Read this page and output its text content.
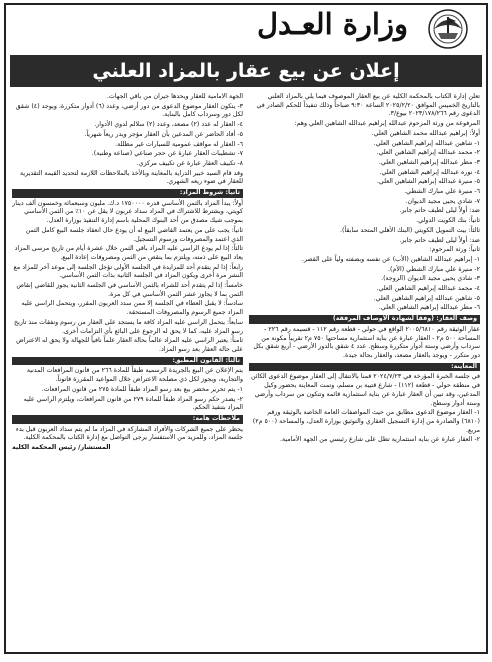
وزارة العـدل
إعلان عن بيع عقار بالمزاد العلني

تعلن إدارة الكتاب بالمحكمة الكلية عن بيع العقار الموصوف فيما يلي بالمزاد العلني بالتاريخ الخميس الموافق ٢٠٢٥/٢/٢٠ الساعة ٩:٣٠ صباحاً وذلك تنفيذاً للحكم الصادر في الدعوى رقم ٢٠٢٣/١٧٨/٢٦٦ بيوع/٣.

المرفوعة من ورثة المرحوم عبدالله إبراهيم عبدالله الشاهين العلي وهم:

أولاً: إبراهيم عبدالله محمد الشاهين العلي.

١- شاهين عبدالله إبراهيم الشاهين العلي.

٢- محمد عبدالله إبراهيم الشاهين العلي.

٣- مطر عبدالله إبراهيم الشاهين العلي.

٤- نوره عبدالله إبراهيم الشاهين العلي.

٥- منيرة عبدالله إبراهيم الشاهين العلي.

٦- منيرة علي مبارك الشطي.

٧- شادي يحيى مجيد الديوان.

ضد: أولاً ليلى لطيف حاتم جابر.

ثانياً: بنك الكويت الدولي.

ثالثاً: بيت التمويل الكويتي (البنك الأهلي المتحد سابقاً).

ضد: أولاً ليلى لطيف حاتم جابر.

ثانياً: ورثة المرحوم:

١- إبراهيم عبدالله الشاهين (الأب) عن نفسه وبصفته ولياً على القصر.

٢- منيرة علي مبارك الشطي (الأم).

٣- شادي يحيى مجيد الديوان (الزوجة).

٤- محمد عبدالله إبراهيم الشاهين العلي.

٥- شاهين عبدالله إبراهيم الشاهين العلي.

٦- مطر عبدالله إبراهيم الشاهين العلي.

وصف العقار: (وفقاً لشهادة الأوصاف المرفقة)

عقار الوثيقة رقم ٢٠٠٥/٦٨١٠ الواقع في حولي - قطعة رقم ١١٢ - قسيمة رقم ٢٢٦ - المساحة ٥٠٠ م٢ - العقار عبارة عن بناية استثمارية مساحتها ٧٥٠ م٢ تقريباً مكونة من سرداب وأرضي وستة أدوار متكررة وسطح. عدد ٤ شقق بالدور الأرضي - أربع شقق بكل دور متكرر - ويوجد بالعقار مصعد، والعقار بحالة جيدة.

المعاينة:

في جلسة الخبرة المؤرخة في ٢٠٢٤/٧/٢٣ قمنا بالانتقال إلى العقار موضوع الدعوى الكائن في منطقة حولي - قطعة (١١٢) - شارع قتيبة بن مسلم، وتمت المعاينة بحضور وكيل المدعين، وقد تبين أن العقار عبارة عن بناية استثمارية قائمة وتتكون من سرداب وأرضي وستة أدوار وسطح.

١- العقار موضوع الدعوى مطابق من حيث المواصفات العامة الخاصة بالوثيقة ورقم (٦٨١٠) والصادرة من إدارة التسجيل العقاري والتوثيق بوزارة العدل، والمساحة (٥٠٠ م٢) مربع.

٢- العقار عبارة عن بناية استثمارية تطل على شارع رئيسي من الجهة الأمامية.

الجهة الأمامية للعقار ويحدها جيران من باقي الجهات.

٣- يتكون العقار موضوع الدعوى من دور أرضي، وعدد (٦) أدوار متكررة، ويوجد (٤) شقق لكل دور وسرداب كامل بالبناية.

٤- العقار له عدد (٢) مصعد، وعدد (٢) سلالم لدوي الأدوار.

٥- أفاد الحاضر عن المدعين بأن العقار مؤجر ويدر ريعاً شهرياً.

٦- العقار له مواقف عمومية للسيارات غير مظللة.

٧- تشطيبات العقار عبارة عن حجر صناعي (صناعة وطنية).

٨- تكييف العقار عبارة عن تكييف مركزي.

وقد قام السيد خبير الدراية بالمعاينة وبالأخذ بالملاحظات اللازمة لتحديد القيمة التقديرية للعقار في ضوء ريعه الشهري.

ثانياً: شروط المزاد:

أولاً: يبدأ المزاد بالثمن الأساسي قدره ١٧٥٠٠٠٠ د.ك. مليون وسبعمائة وخمسون ألف دينار كويتي، ويشترط للاشتراك في المزاد سداد عربون لا يقل عن ١٠٪ من الثمن الأساسي بموجب شيك مصدق من أحد البنوك المحلية باسم إدارة التنفيذ بوزارة العدل.

ثانياً: يجب على من يعتمد القاضي البيع له أن يودع حال انعقاد جلسة البيع كامل الثمن الذي اعتمد والمصروفات ورسوم التسجيل.

ثالثاً: إذا لم يودع الراسي عليه المزاد باقي الثمن خلال عشرة أيام من تاريخ مرسى المزاد يعاد البيع على ذمته، ويلتزم بما ينقص من الثمن ومصروفات إعادة البيع.

رابعاً: إذا لم يتقدم أحد للمزايدة في الجلسة الأولى تؤجل الجلسة إلى موعد آخر للمزاد مع النشر مرة أخرى ويكون المزاد في الجلسة الثانية بذات الثمن الأساسي.

خامساً: إذا لم يتقدم أحد للشراء بالثمن الأساسي في الجلسة الثانية يجوز للقاضي إنقاص الثمن بما لا يجاوز عشر الثمن الأساسي في كل مرة.

سادساً: لا يقبل العطاء في الجلسة إلا ممن سدد العربون المقرر، ويتحمل الراسي عليه المزاد جميع الرسوم والمصروفات المستحقة.

سابعاً: يتحمل الراسي عليه المزاد كافة ما يستجد على العقار من رسوم ونفقات منذ تاريخ رسو المزاد عليه، كما لا يحق له الرجوع على البائع بأي التزامات أخرى.

ثامناً: يعتبر الراسي عليه المزاد عالماً بحالة العقار علماً نافياً للجهالة ولا يحق له الاعتراض على حالة العقار بعد رسو المزاد.

ثالثاً: القانون المطبق:

يتم الإعلان عن البيع بالجريدة الرسمية طبقاً للمادة ٢٦٦ من قانون المرافعات المدنية والتجارية، ويجوز لكل ذي مصلحة الاعتراض خلال المواعيد المقررة قانوناً.

١- يتم تحرير محضر بيع بعد رسو المزاد طبقاً للمادة ٢٧٥ من قانون المرافعات.

٢- يصدر حكم رسو المزاد طبقاً للمادة ٢٧٩ من قانون المرافعات، ويلتزم الراسي عليه المزاد بتنفيذ الحكم.

ملاحظات هامة:

يحظر على جميع الشركات والأفراد المشاركة في المزاد ما لم يتم سداد العربون قبل بدء جلسة المزاد، وللمزيد من الاستفسار يرجى التواصل مع إدارة الكتاب بالمحكمة الكلية.

المستشار/ رئيس المحكمة الكلية
